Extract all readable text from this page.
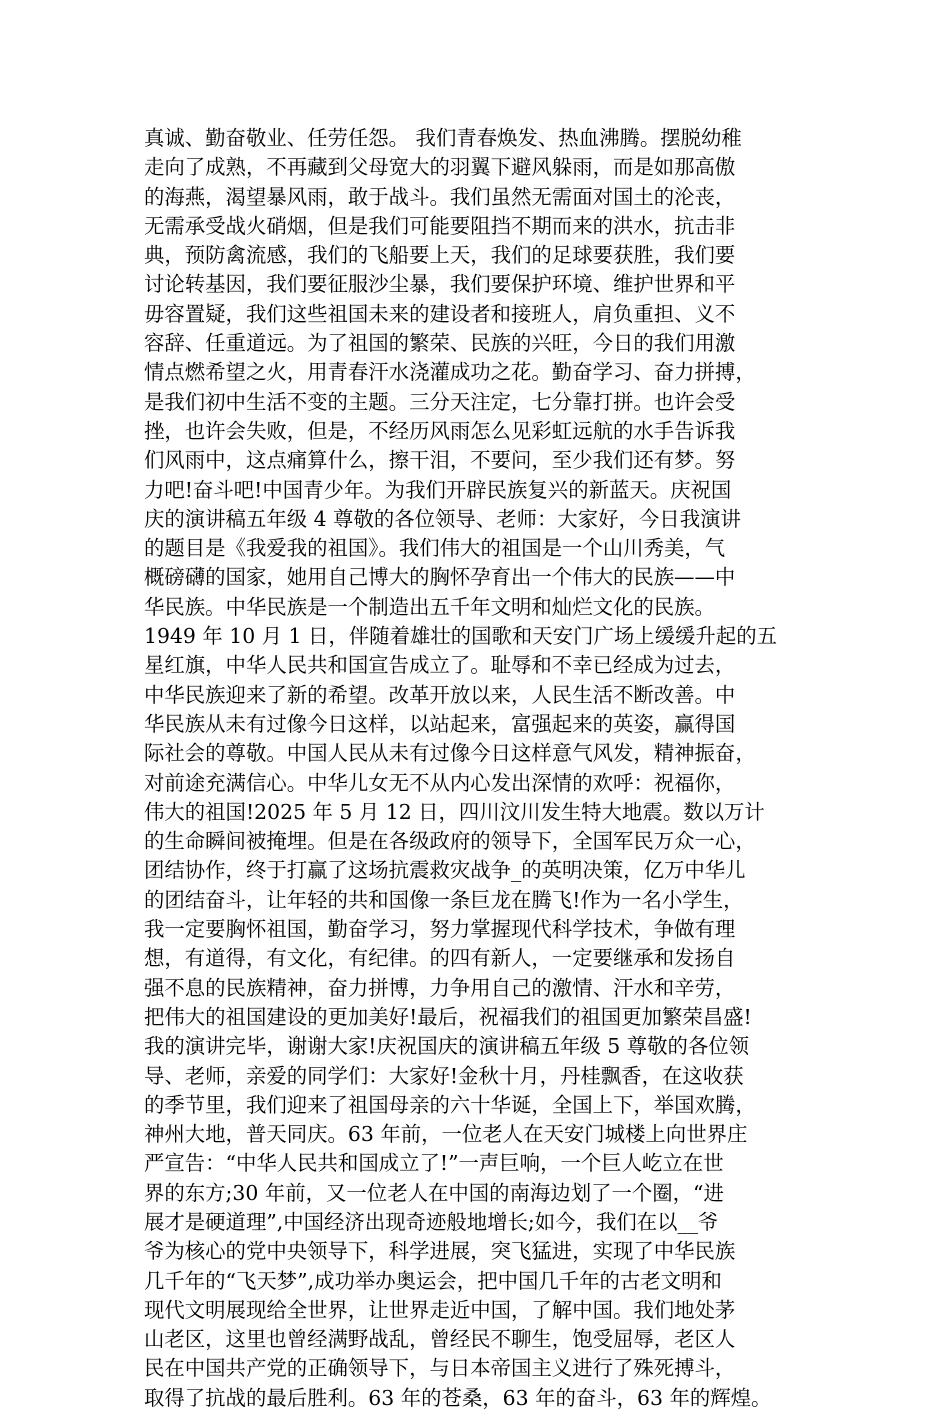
真诚、勤奋敬业、任劳任怨。 我们青春焕发、热血沸腾。摆脱幼稚
走向了成熟，不再藏到父母宽大的羽翼下避风躲雨，而是如那高傲
的海燕，渴望暴风雨，敢于战斗。我们虽然无需面对国土的沦丧，
无需承受战火硝烟，但是我们可能要阻挡不期而来的洪水，抗击非
典，预防禽流感，我们的飞船要上天，我们的足球要获胜，我们要
讨论转基因，我们要征服沙尘暴，我们要保护环境、维护世界和平
毋容置疑，我们这些祖国未来的建设者和接班人，肩负重担、义不
容辞、任重道远。为了祖国的繁荣、民族的兴旺，今日的我们用激
情点燃希望之火，用青春汗水浇灌成功之花。勤奋学习、奋力拼搏，
是我们初中生活不变的主题。三分天注定，七分靠打拼。也许会受
挫，也许会失败，但是，不经历风雨怎么见彩虹远航的水手告诉我
们风雨中，这点痛算什么，擦干泪，不要问，至少我们还有梦。努
力吧!奋斗吧!中国青少年。为我们开辟民族复兴的新蓝天。庆祝国
庆的演讲稿五年级 4 尊敬的各位领导、老师：大家好，今日我演讲
的题目是《我爱我的祖国》。我们伟大的祖国是一个山川秀美，气
概磅礴的国家，她用自己博大的胸怀孕育出一个伟大的民族——中
华民族。中华民族是一个制造出五千年文明和灿烂文化的民族。
1949 年 10 月 1 日，伴随着雄壮的国歌和天安门广场上缓缓升起的五
星红旗，中华人民共和国宣告成立了。耻辱和不幸已经成为过去，
中华民族迎来了新的希望。改革开放以来，人民生活不断改善。中
华民族从未有过像今日这样，以站起来，富强起来的英姿，赢得国
际社会的尊敬。中国人民从未有过像今日这样意气风发，精神振奋，
对前途充满信心。中华儿女无不从内心发出深情的欢呼：祝福你，
伟大的祖国!2025 年 5 月 12 日，四川汶川发生特大地震。数以万计
的生命瞬间被掩埋。但是在各级政府的领导下，全国军民万众一心，
团结协作，终于打赢了这场抗震救灾战争_的英明决策，亿万中华儿
的团结奋斗，让年轻的共和国像一条巨龙在腾飞!作为一名小学生，
我一定要胸怀祖国，勤奋学习，努力掌握现代科学技术，争做有理
想，有道得，有文化，有纪律。的四有新人，一定要继承和发扬自
强不息的民族精神，奋力拼博，力争用自己的激情、汗水和辛劳，
把伟大的祖国建设的更加美好!最后，祝福我们的祖国更加繁荣昌盛!
我的演讲完毕，谢谢大家!庆祝国庆的演讲稿五年级 5 尊敬的各位领
导、老师，亲爱的同学们：大家好!金秋十月，丹桂飘香，在这收获
的季节里，我们迎来了祖国母亲的六十华诞，全国上下，举国欢腾，
神州大地，普天同庆。63 年前，一位老人在天安门城楼上向世界庄
严宣告：“中华人民共和国成立了!”一声巨响，一个巨人屹立在世
界的东方;30 年前，又一位老人在中国的南海边划了一个圈，“进
展才是硬道理”,中国经济出现奇迹般地增长;如今，我们在以__爷
爷为核心的党中央领导下，科学进展，突飞猛进，实现了中华民族
几千年的“飞天梦”,成功举办奥运会，把中国几千年的古老文明和
现代文明展现给全世界，让世界走近中国，了解中国。我们地处茅
山老区，这里也曾经满野战乱，曾经民不聊生，饱受屈辱，老区人
民在中国共产党的正确领导下，与日本帝国主义进行了殊死搏斗，
取得了抗战的最后胜利。63 年的苍桑，63 年的奋斗，63 年的辉煌。
